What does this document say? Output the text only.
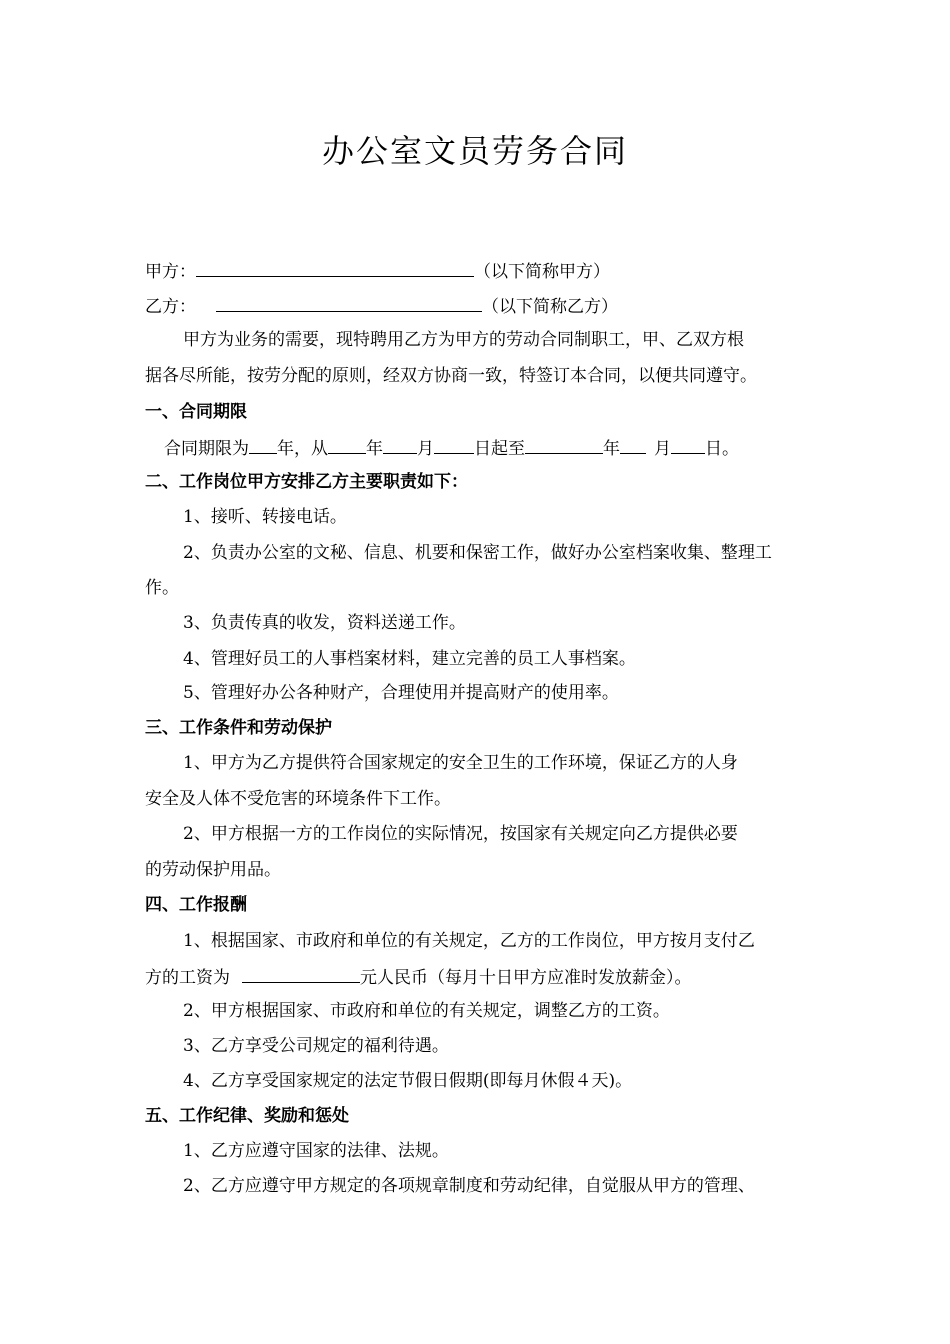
办公室文员劳务合同
甲方：	（以下简称甲方）
乙方：	（以下简称乙方）
甲方为业务的需要，现特聘用乙方为甲方的劳动合同制职工，甲、乙双方根
据各尽所能，按劳分配的原则，经双方协商一致，特签订本合同，以便共同遵守。
一、合同期限
合同期限为 年，从 年 月 日起至	年 月 日。
二、工作岗位甲方安排乙方主要职责如下：
1、接听、转接电话。
2、负责办公室的文秘、信息、机要和保密工作，做好办公室档案收集、整理工
作。
3、负责传真的收发，资料送递工作。
4、管理好员工的人事档案材料，建立完善的员工人事档案。
5、管理好办公各种财产，合理使用并提高财产的使用率。
三、工作条件和劳动保护
1、甲方为乙方提供符合国家规定的安全卫生的工作环境，保证乙方的人身
安全及人体不受危害的环境条件下工作。
2、甲方根据一方的工作岗位的实际情况，按国家有关规定向乙方提供必要
的劳动保护用品。
四、工作报酬
1、根据国家、市政府和单位的有关规定，乙方的工作岗位，甲方按月支付乙
方的工资为	元人民币（每月十日甲方应准时发放薪金）。
2、甲方根据国家、市政府和单位的有关规定，调整乙方的工资。
3、乙方享受公司规定的福利待遇。
4、乙方享受国家规定的法定节假日假期(即每月休假４天)。
五、工作纪律、奖励和惩处
1、乙方应遵守国家的法律、法规。
2、乙方应遵守甲方规定的各项规章制度和劳动纪律，自觉服从甲方的管理、
